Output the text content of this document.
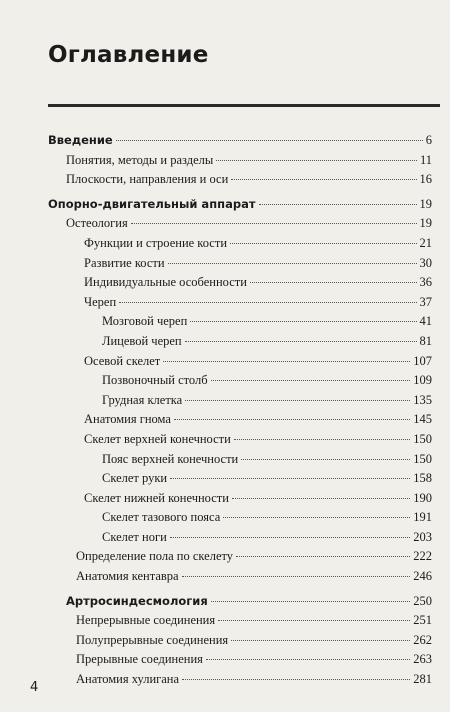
Оглавление
Введение	6
Понятия, методы и разделы	11
Плоскости, направления и оси	16
Опорно-двигательный аппарат	19
Остеология	19
Функции и строение кости	21
Развитие кости	30
Индивидуальные особенности	36
Череп	37
Мозговой череп	41
Лицевой череп	81
Осевой скелет	107
Позвоночный столб	109
Грудная клетка	135
Анатомия гнома	145
Скелет верхней конечности	150
Пояс верхней конечности	150
Скелет руки	158
Скелет нижней конечности	190
Скелет тазового пояса	191
Скелет ноги	203
Определение пола по скелету	222
Анатомия кентавра	246
Артросиндесмология	250
Непрерывные соединения	251
Полупрерывные соединения	262
Прерывные соединения	263
Анатомия хулигана	281
4
